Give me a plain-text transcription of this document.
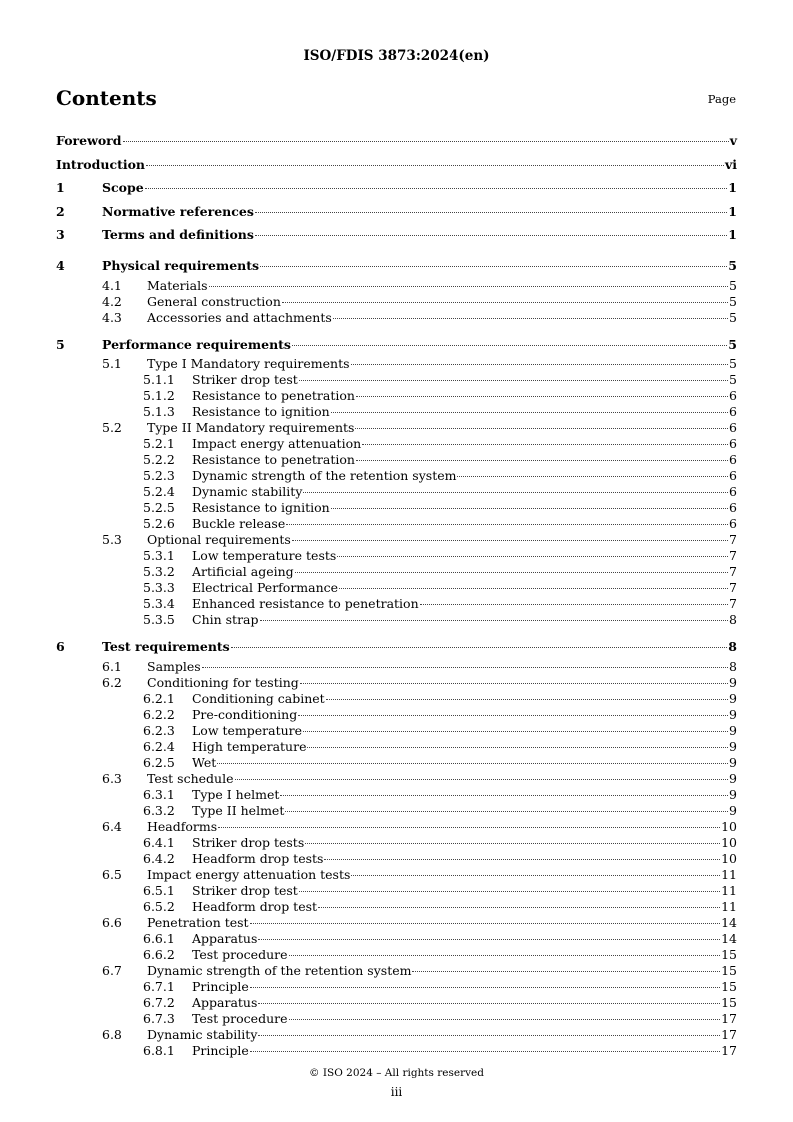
ISO/FDIS 3873:2024(en)
Contents	Page
Foreword	v
Introduction	vi
1	Scope	1
2	Normative references	1
3	Terms and definitions	1
4	Physical requirements	5
4.1	Materials	5
4.2	General construction	5
4.3	Accessories and attachments	5
5	Performance requirements	5
5.1	Type I Mandatory requirements	5
5.1.1	Striker drop test	5
5.1.2	Resistance to penetration	6
5.1.3	Resistance to ignition	6
5.2	Type II Mandatory requirements	6
5.2.1	Impact energy attenuation	6
5.2.2	Resistance to penetration	6
5.2.3	Dynamic strength of the retention system	6
5.2.4	Dynamic stability	6
5.2.5	Resistance to ignition	6
5.2.6	Buckle release	6
5.3	Optional requirements	7
5.3.1	Low temperature tests	7
5.3.2	Artificial ageing	7
5.3.3	Electrical Performance	7
5.3.4	Enhanced resistance to penetration	7
5.3.5	Chin strap	8
6	Test requirements	8
6.1	Samples	8
6.2	Conditioning for testing	9
6.2.1	Conditioning cabinet	9
6.2.2	Pre-conditioning	9
6.2.3	Low temperature	9
6.2.4	High temperature	9
6.2.5	Wet	9
6.3	Test schedule	9
6.3.1	Type I helmet	9
6.3.2	Type II helmet	9
6.4	Headforms	10
6.4.1	Striker drop tests	10
6.4.2	Headform drop tests	10
6.5	Impact energy attenuation tests	11
6.5.1	Striker drop test	11
6.5.2	Headform drop test	11
6.6	Penetration test	14
6.6.1	Apparatus	14
6.6.2	Test procedure	15
6.7	Dynamic strength of the retention system	15
6.7.1	Principle	15
6.7.2	Apparatus	15
6.7.3	Test procedure	17
6.8	Dynamic stability	17
6.8.1	Principle	17
© ISO 2024 – All rights reserved
iii
